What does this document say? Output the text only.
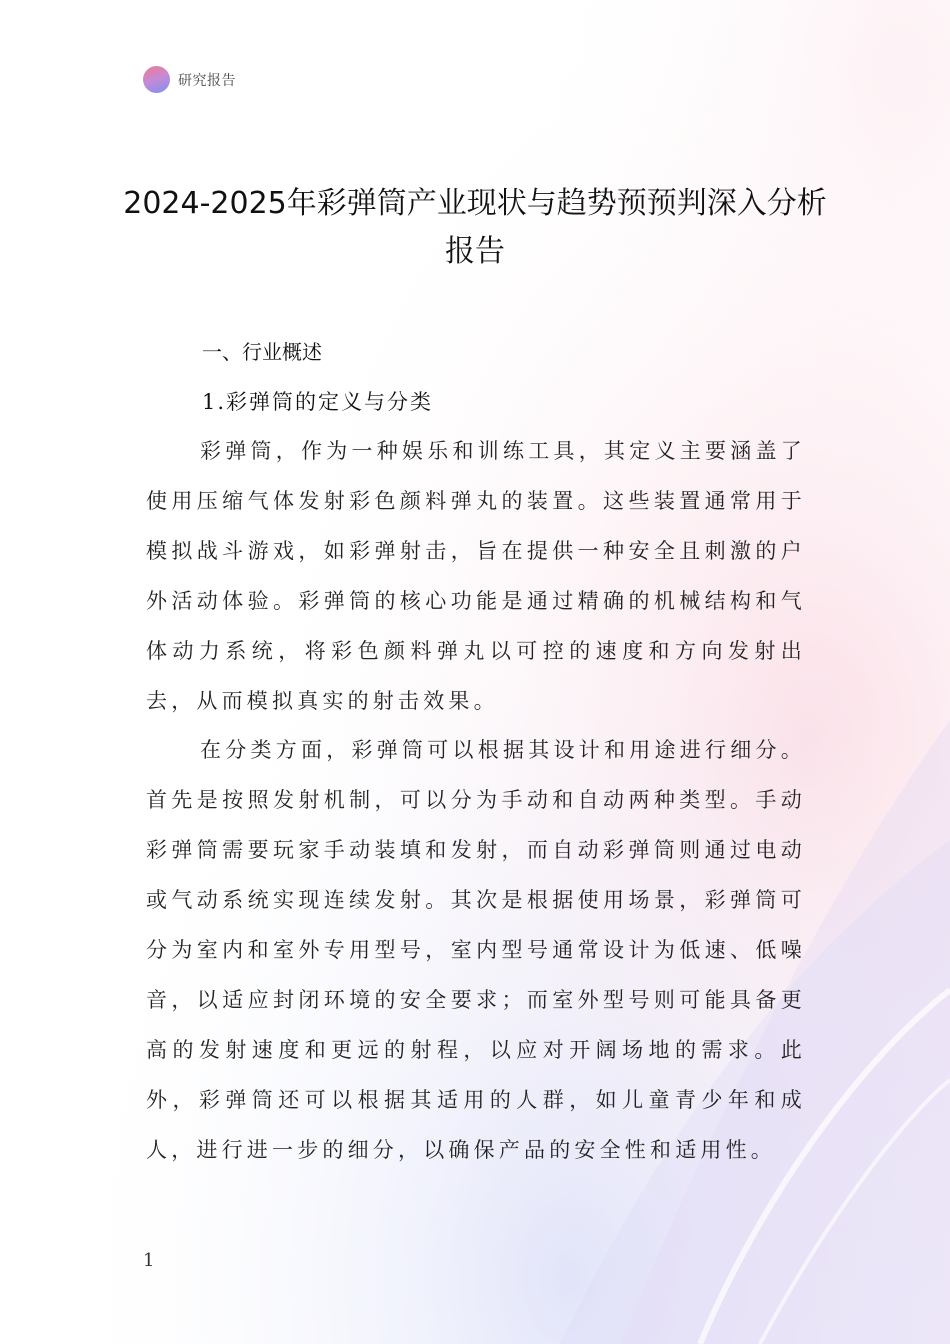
研究报告
2024-2025年彩弹筒产业现状与趋势预预判深入分析报告
一、行业概述
1.彩弹筒的定义与分类

彩弹筒，作为一种娱乐和训练工具，其定义主要涵盖了使用压缩气体发射彩色颜料弹丸的装置。这些装置通常用于模拟战斗游戏，如彩弹射击，旨在提供一种安全且刺激的户外活动体验。彩弹筒的核心功能是通过精确的机械结构和气体动力系统，将彩色颜料弹丸以可控的速度和方向发射出去，从而模拟真实的射击效果。

在分类方面，彩弹筒可以根据其设计和用途进行细分。首先是按照发射机制，可以分为手动和自动两种类型。手动彩弹筒需要玩家手动装填和发射，而自动彩弹筒则通过电动或气动系统实现连续发射。其次是根据使用场景，彩弹筒可分为室内和室外专用型号，室内型号通常设计为低速、低噪音，以适应封闭环境的安全要求；而室外型号则可能具备更高的发射速度和更远的射程，以应对开阔场地的需求。此外，彩弹筒还可以根据其适用的人群，如儿童青少年和成人，进行进一步的细分，以确保产品的安全性和适用性。

1
